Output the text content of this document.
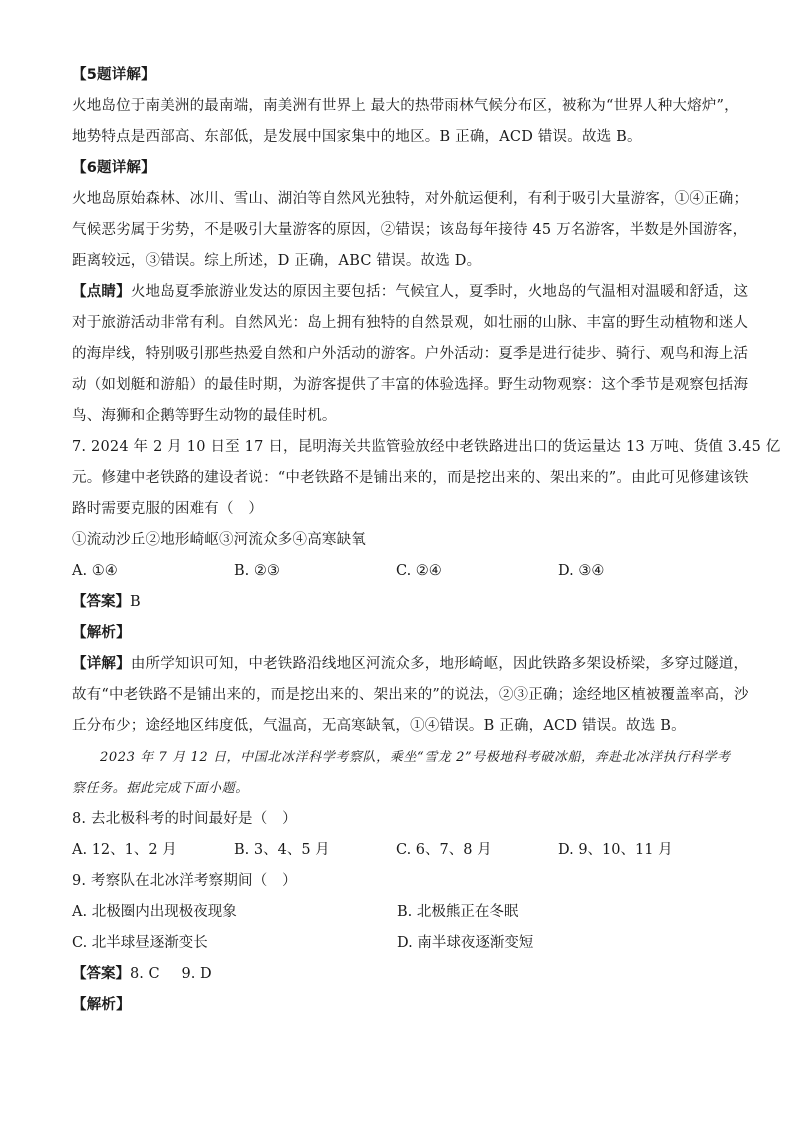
【5题详解】
火地岛位于南美洲的最南端，南美洲有世界上 最大的热带雨林气候分布区，被称为“世界人种大熔炉”，
地势特点是西部高、东部低，是发展中国家集中的地区。B 正确，ACD 错误。故选 B。
【6题详解】
火地岛原始森林、冰川、雪山、湖泊等自然风光独特，对外航运便利，有利于吸引大量游客，①④正确；
气候恶劣属于劣势，不是吸引大量游客的原因，②错误；该岛每年接待 45 万名游客，半数是外国游客，
距离较远，③错误。综上所述，D 正确，ABC 错误。故选 D。
【点睛】火地岛夏季旅游业发达的原因主要包括：气候宜人，夏季时，火地岛的气温相对温暖和舒适，这
对于旅游活动非常有利。自然风光：岛上拥有独特的自然景观，如壮丽的山脉、丰富的野生动植物和迷人
的海岸线，特别吸引那些热爱自然和户外活动的游客。户外活动：夏季是进行徒步、骑行、观鸟和海上活
动（如划艇和游船）的最佳时期，为游客提供了丰富的体验选择。野生动物观察：这个季节是观察包括海
鸟、海狮和企鹅等野生动物的最佳时机。
7. 2024 年 2 月 10 日至 17 日，昆明海关共监管验放经中老铁路进出口的货运量达 13 万吨、货值 3.45 亿
元。修建中老铁路的建设者说：“中老铁路不是铺出来的，而是挖出来的、架出来的”。由此可见修建该铁
路时需要克服的困难有（　）
①流动沙丘②地形崎岖③河流众多④高寒缺氧
A. ①④	B. ②③	C. ②④	D. ③④
【答案】B
【解析】
【详解】由所学知识可知，中老铁路沿线地区河流众多，地形崎岖，因此铁路多架设桥梁，多穿过隧道，
故有“中老铁路不是铺出来的，而是挖出来的、架出来的”的说法，②③正确；途经地区植被覆盖率高，沙
丘分布少；途经地区纬度低，气温高，无高寒缺氧，①④错误。B 正确，ACD 错误。故选 B。
2023 年 7 月 12 日，中国北冰洋科学考察队，乘坐“雪龙 2”号极地科考破冰船，奔赴北冰洋执行科学考
察任务。据此完成下面小题。
8. 去北极科考的时间最好是（　）
A. 12、1、2 月	B. 3、4、5 月	C. 6、7、8 月	D. 9、10、11 月
9. 考察队在北冰洋考察期间（　）
A. 北极圈内出现极夜现象	B. 北极熊正在冬眠
C. 北半球昼逐渐变长	D. 南半球夜逐渐变短
【答案】8. C 9. D
【解析】
